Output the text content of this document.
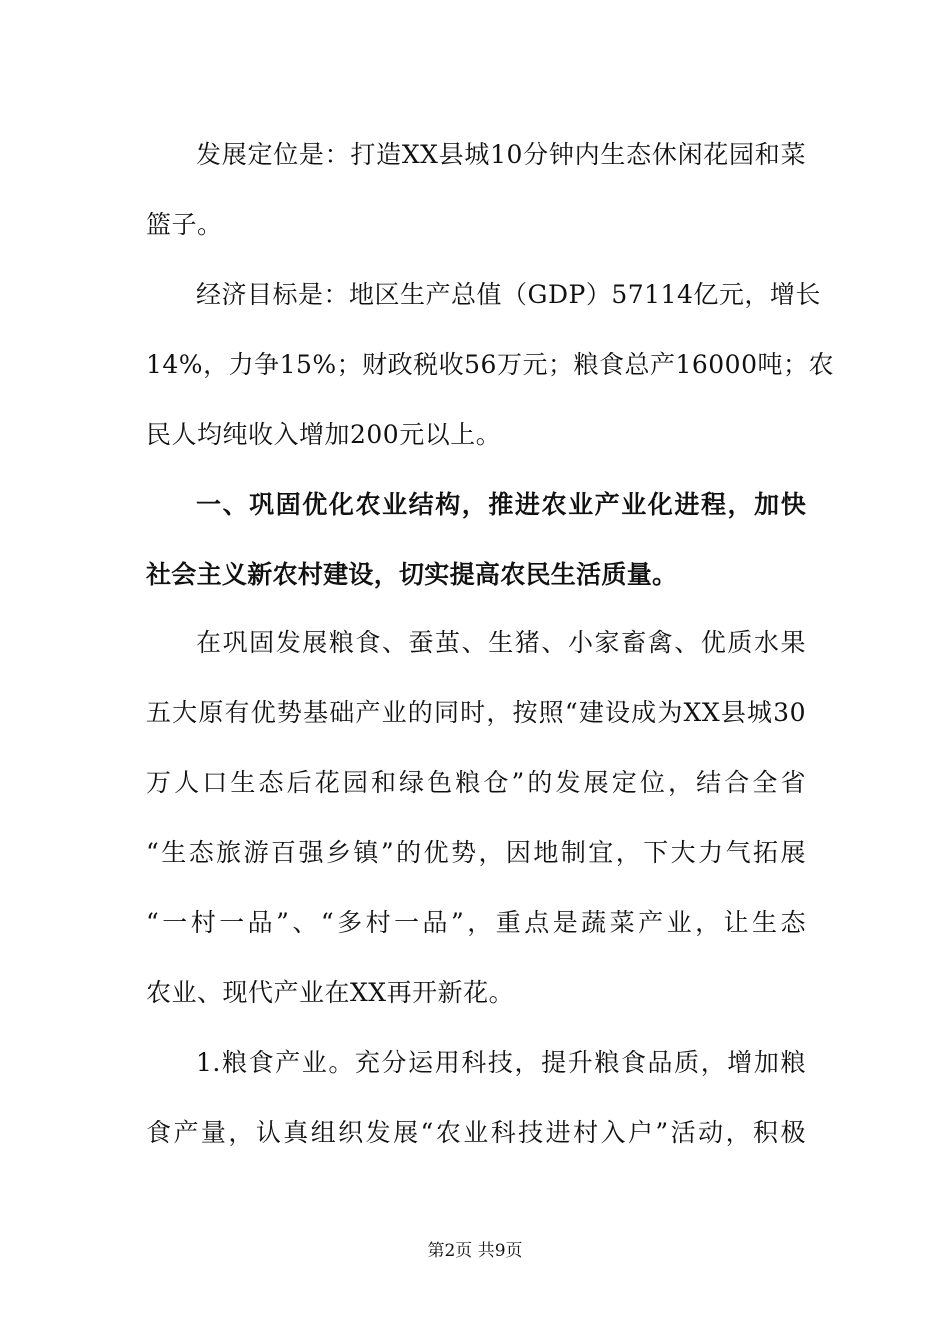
发展定位是：打造XX县城10分钟内生态休闲花园和菜
篮子。
经济目标是：地区生产总值（GDP）57114亿元，增长
14%，力争15%；财政税收56万元；粮食总产16000吨；农
民人均纯收入增加200元以上。
一、巩固优化农业结构，推进农业产业化进程，加快
社会主义新农村建设，切实提高农民生活质量。
在巩固发展粮食、蚕茧、生猪、小家畜禽、优质水果
五大原有优势基础产业的同时，按照“建设成为XX县城30
万人口生态后花园和绿色粮仓”的发展定位，结合全省
“生态旅游百强乡镇”的优势，因地制宜，下大力气拓展
“一村一品”、“多村一品”，重点是蔬菜产业，让生态
农业、现代产业在XX再开新花。
1.粮食产业。充分运用科技，提升粮食品质，增加粮
食产量，认真组织发展“农业科技进村入户”活动，积极
第2页 共9页
